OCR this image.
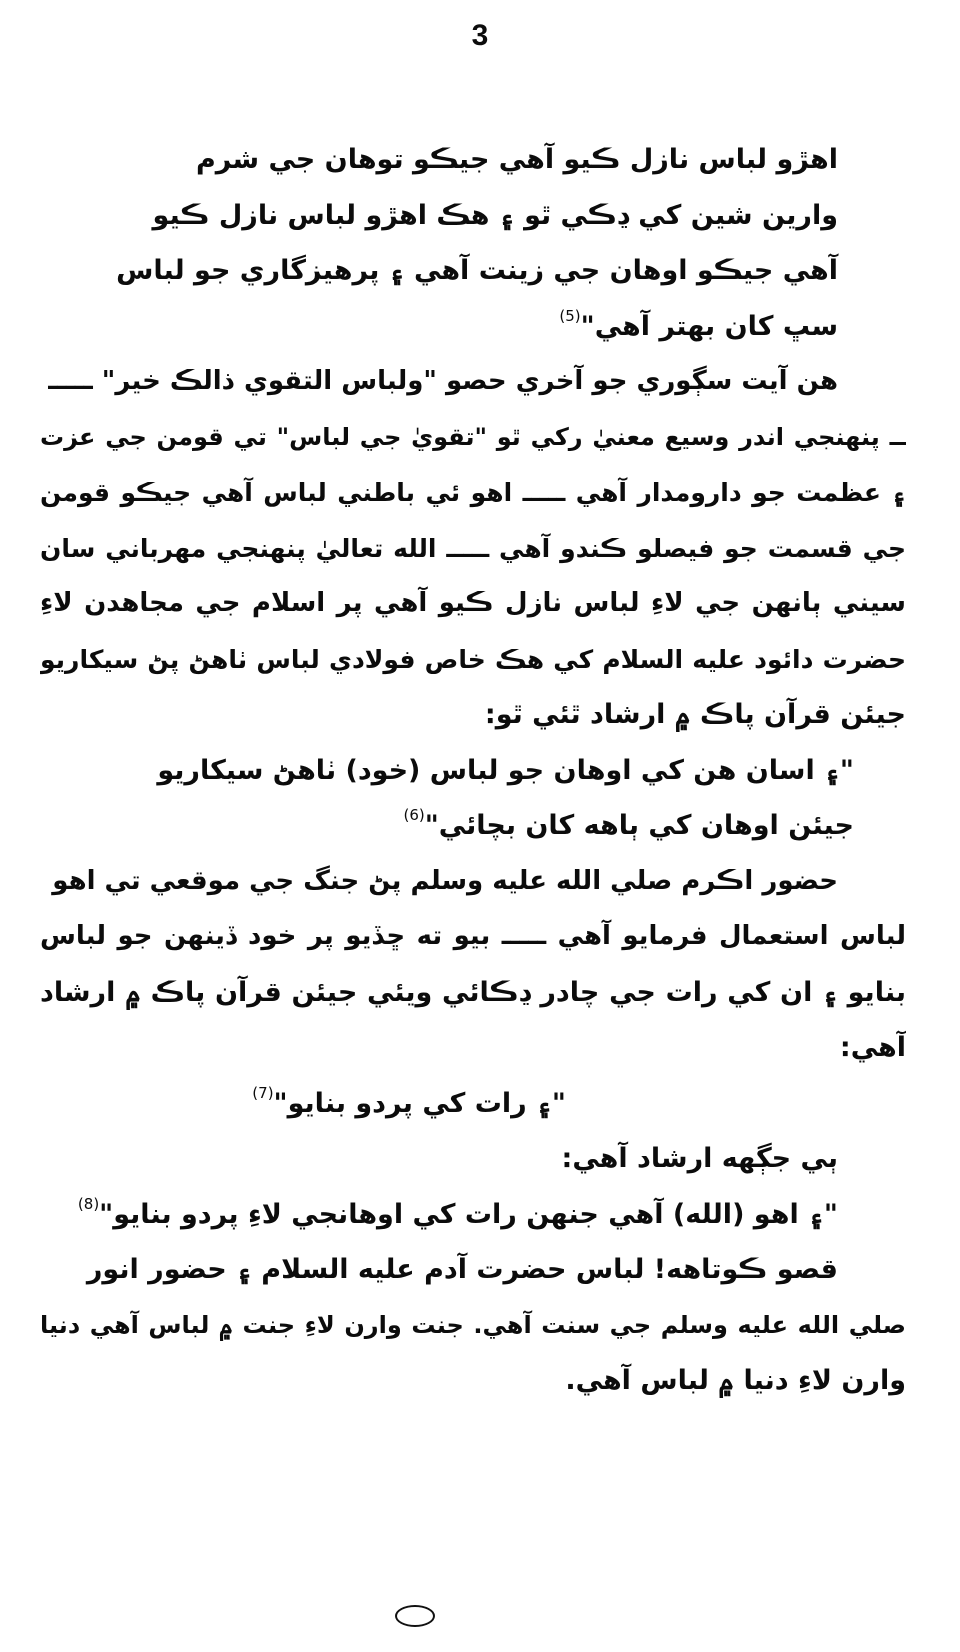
3
اهڙو لباس نازل ڪيو آهي جيڪو توهان جي شرم
وارين شين کي ڍڪي ٿو ۽ هڪ اهڙو لباس نازل ڪيو
آهي جيڪو اوهان جي زينت آهي ۽ پرهيزگاري جو لباس
سڀ کان بهتر آهي"$^{(5)}$
هن آيت سڳوري جو آخري حصو "ولباس التقوي ذالڪ خير" ـــــ
ــ پنهنجي اندر وسيع معنيٰ رکي ٿو "تقويٰ جي لباس" تي قومن جي عزت
۽ عظمت جو دارومدار آهي ـــــ اهو ئي باطني لباس آهي جيڪو قومن
جي قسمت جو فيصلو ڪندو آهي ـــــ الله تعاليٰ پنهنجي مهرباني سان
سيني ٻانهن جي لاءِ لباس نازل ڪيو آهي پر اسلام جي مجاهدن لاءِ
حضرت دائود عليه السلام کي هڪ خاص فولادي لباس ٺاهڻ پڻ سيکاريو
جيئن قرآن پاڪ ۾ ارشاد ٿئي ٿو:
"۽ اسان هن کي اوهان جو لباس (خود) ٺاهڻ سيکاريو
جيئن اوهان کي ٻاهه کان بچائي"$^{(6)}$
حضور اڪرم صلي الله عليه وسلم پڻ جنگ جي موقعي تي اهو
لباس استعمال فرمايو آهي ـــــ بيو ته ڇڏيو پر خود ڏينهن جو لباس
بنايو ۽ ان کي رات جي چادر ڍڪائي ويئي جيئن قرآن پاڪ ۾ ارشاد
آهي:
"۽ رات کي پردو بنايو"$^{(7)}$
ٻي جڳهه ارشاد آهي:
"۽ اهو (الله) آهي جنهن رات کي اوهانجي لاءِ پردو بنايو"$^{(8)}$
قصو ڪوتاهه! لباس حضرت آدم عليه السلام ۽ حضور انور
صلي الله عليه وسلم جي سنت آهي. جنت وارن لاءِ جنت ۾ لباس آهي دنيا
وارن لاءِ دنيا ۾ لباس آهي.
